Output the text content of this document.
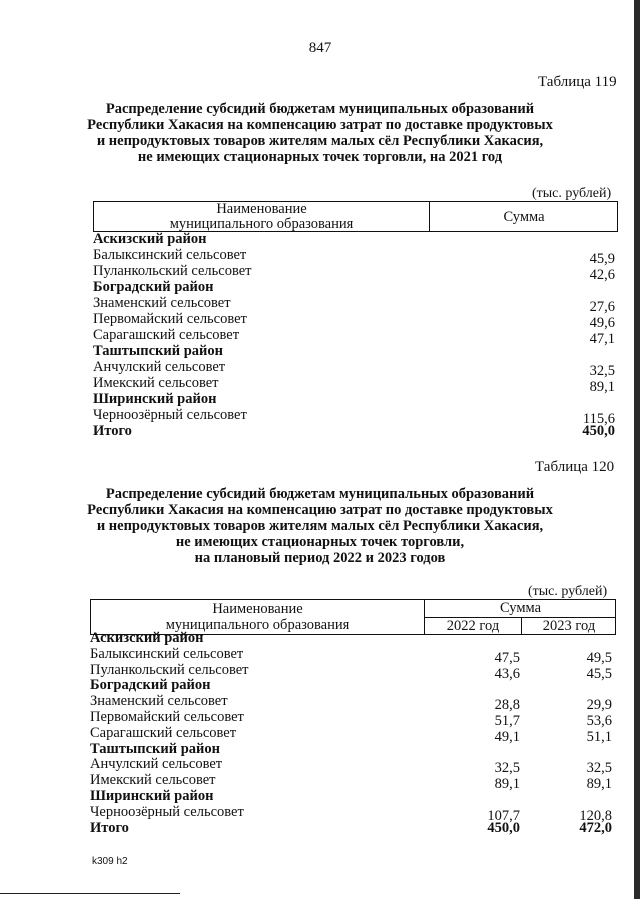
847
Таблица 119
Распределение субсидий бюджетам муниципальных образований
Республики Хакасия на компенсацию затрат по доставке продуктовых
и непродуктовых товаров жителям малых сёл Республики Хакасия,
не имеющих стационарных точек торговли, на 2021 год
(тыс. рублей)
Наименование
муниципального образования	Сумма
Аскизский район
Балыксинский сельсовет	45,9
Пуланкольский сельсовет	42,6
Боградский район
Знаменский сельсовет	27,6
Первомайский сельсовет	49,6
Сарагашский сельсовет	47,1
Таштыпский район
Анчулский сельсовет	32,5
Имекский сельсовет	89,1
Ширинский район
Черноозёрный сельсовет	115,6
Итого	450,0
Таблица 120
Распределение субсидий бюджетам муниципальных образований
Республики Хакасия на компенсацию затрат по доставке продуктовых
и непродуктовых товаров жителям малых сёл Республики Хакасия,
не имеющих стационарных точек торговли,
на плановый период 2022 и 2023 годов
(тыс. рублей)
Наименование
муниципального образования
Сумма
2022 год	2023 год
Аскизский район
Балыксинский сельсовет	47,5	49,5
Пуланкольский сельсовет	43,6	45,5
Боградский район
Знаменский сельсовет	28,8	29,9
Первомайский сельсовет	51,7	53,6
Сарагашский сельсовет	49,1	51,1
Таштыпский район
Анчулский сельсовет	32,5	32,5
Имекский сельсовет	89,1	89,1
Ширинский район
Черноозёрный сельсовет	107,7	120,8
Итого	450,0	472,0
k309 h2
